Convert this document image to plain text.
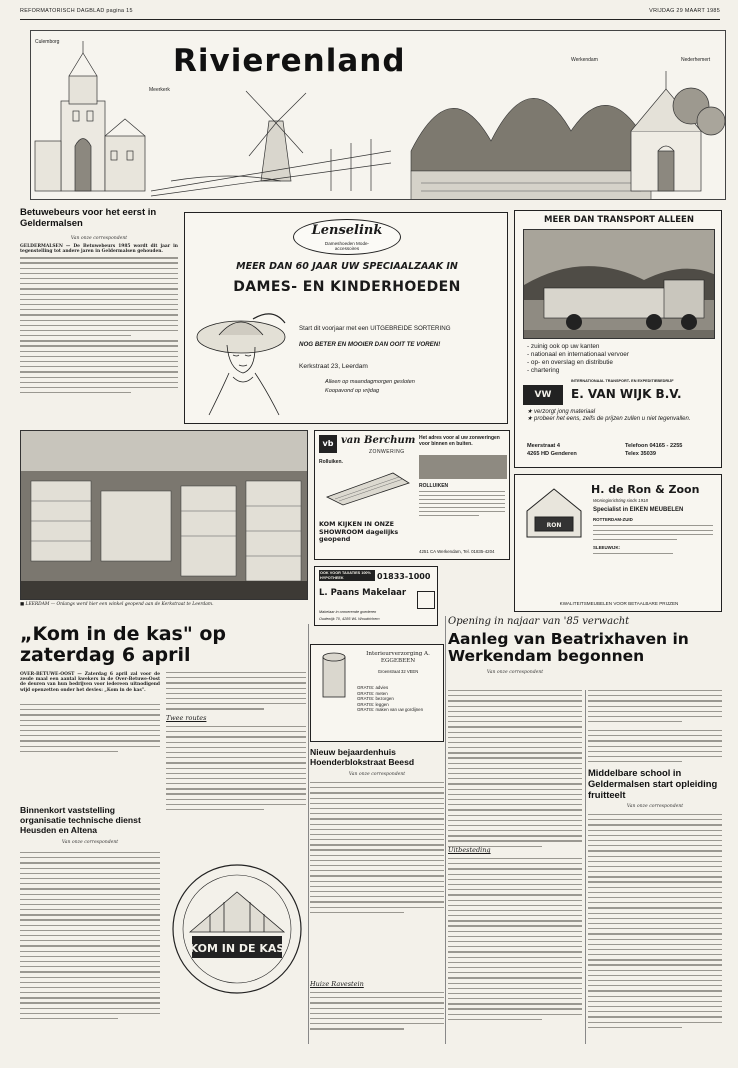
REFORMATORISCH DAGBLAD pagina 15	VRIJDAG 29 MAART 1985
Rivierenland
Culemborg
Meerkerk
Werkendam	Nederhemert
Betuwebeurs voor het eerst in Geldermalsen
Van onze correspondent
GELDERMALSEN — De Betuwebeurs 1985 wordt dit jaar in tegenstelling tot andere jaren in Geldermalsen gehouden.
Lenselink
Dameshoeden Mode-accessoires
MEER DAN 60 JAAR UW SPECIAALZAAK IN
DAMES- EN KINDERHOEDEN
Start dit voorjaar met een UITGEBREIDE SORTERING
NOG BETER EN MOOIER DAN OOIT TE VOREN!
Kerkstraat 23, Leerdam
Alleen op maandagmorgen gesloten
Koopavond op vrijdag
MEER DAN TRANSPORT ALLEEN
- zuinig ook op uw kanten
- nationaal en internationaal vervoer
- op- en overslag en distributie
- chartering
INTERNATIONAAL TRANSPORT- EN EXPEDITIEBEDRIJF
VW	E. VAN WIJK B.V.
★ verzorgt jong materiaal
★ probeer het eens, zeifs de prijzen zullen u niet tegenvallen.
Meerstraat 4
4265 HD Genderen
Telefoon 04165 - 2255
Telex 35039
■ LEERDAM — Onlangs werd hier een winkel geopend aan de Kerkstraat te Leerdam.
vb van Berchum
ZONWERING
Rolluiken.
Het adres voor al uw zonweringen voor binnen en buiten.
ROLLUIKEN
KOM KIJKEN IN ONZE SHOWROOM dagelijks geopend
4251 CA Werkendam, Tel. 01835-4204
RON
H. de Ron & Zoon
Woninginrichting sinds 1918
Specialist in EIKEN MEUBELEN
ROTTERDAM-ZUID
SLEEUWIJK:
KWALITEITSMEUBELEN VOOR BETAALBARE PRIJZEN
OOK VOOR TAXATIES 100% HYPOTHEEK	01833-1000
L. Paans Makelaar
Makelaar in onroerende goederen
Oudewijk 70, 4285 WL Woudrichem
Interieurverzorging A. EGGEBEEN
Groenstraat 32 VEEN
GRATIS: advies
GRATIS: meten
GRATIS: bezorgen
GRATIS: leggen
GRATIS: maken van uw gordijnen
„Kom in de kas" op zaterdag 6 april
OVER-BETUWE-OOST — Zaterdag 6 april zal voor de zesde maal een aantal kwekers in de Over-Betuwe-Oost de deuren van hun bedrijven voor iedereen uitnodigend wijd openzetten onder het devies: „Kom in de kas".
Twee routes
Binnenkort vaststelling organisatie technische dienst Heusden en Altena
Van onze correspondent
KOM IN DE KAS
Nieuw bejaardenhuis Hoenderblokstraat Beesd
Van onze correspondent
Huize Ravestein
Opening in najaar van '85 verwacht
Aanleg van Beatrixhaven in Werkendam begonnen
Van onze correspondent
Uitbesteding
Middelbare school in Geldermalsen start opleiding fruitteelt
Van onze correspondent
